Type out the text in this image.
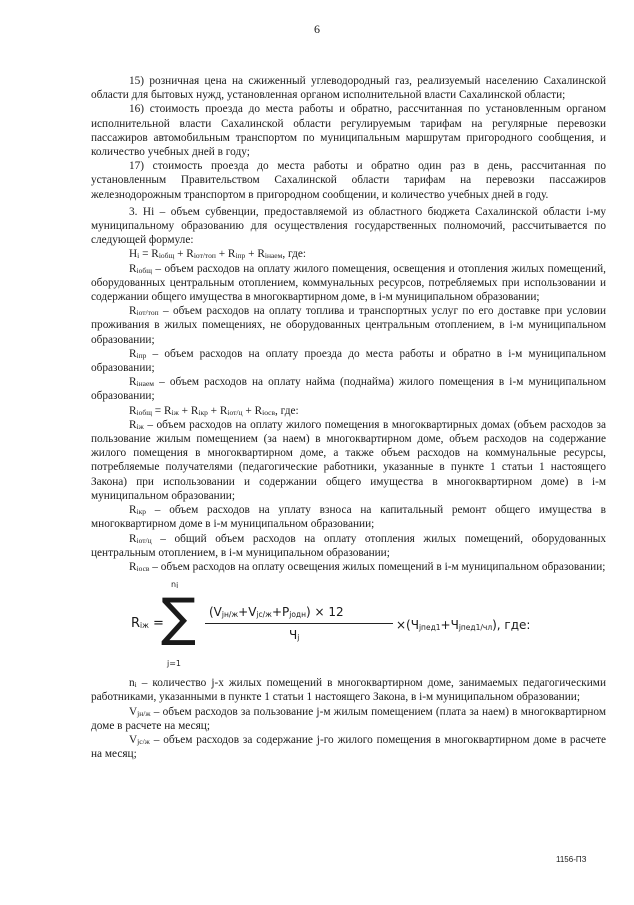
6

15) розничная цена на сжиженный углеводородный газ, реализуемый населению Сахалинской области для бытовых нужд, установленная органом исполнительной власти Сахалинской области;

16) стоимость проезда до места работы и обратно, рассчитанная по установленным органом исполнительной власти Сахалинской области регулируемым тарифам на регулярные перевозки пассажиров автомобильным транспортом по муниципальным маршрутам пригородного сообщения, и количество учебных дней в году;

17) стоимость проезда до места работы и обратно один раз в день, рассчитанная по установленным Правительством Сахалинской области тарифам на перевозки пассажиров железнодорожным транспортом в пригородном сообщении, и количество учебных дней в году.

3. Hi – объем субвенции, предоставляемой из областного бюджета Сахалинской области i-му муниципальному образованию для осуществления государственных полномочий, рассчитывается по следующей формуле:

$H_i = R_{iобщ} + R_{iот/топ} + R_{iпр} + R_{iнаем}$, где:

$R_{iобщ}$ – объем расходов на оплату жилого помещения, освещения и отопления жилых помещений, оборудованных центральным отоплением, коммунальных ресурсов, потребляемых при использовании и содержании общего имущества в многоквартирном доме, в i-м муниципальном образовании;

$R_{iот/топ}$ – объем расходов на оплату топлива и транспортных услуг по его доставке при условии проживания в жилых помещениях, не оборудованных центральным отоплением, в i-м муниципальном образовании;

$R_{iпр}$ – объем расходов на оплату проезда до места работы и обратно в i-м муниципальном образовании;

$R_{iнаем}$ – объем расходов на оплату найма (поднайма) жилого помещения в i-м муниципальном образовании;

$R_{iобщ} = R_{iж} + R_{iкр} + R_{iот/ц} + R_{iосв}$, где:

$R_{iж}$ – объем расходов на оплату жилого помещения в многоквартирных домах (объем расходов за пользование жилым помещением (за наем) в многоквартирном доме, объем расходов на содержание жилого помещения в многоквартирном доме, а также объем расходов на коммунальные ресурсы, потребляемые получателями (педагогические работники, указанные в пункте 1 статьи 1 настоящего Закона) при использовании и содержании общего имущества в многоквартирном доме) в i-м муниципальном образовании;

$R_{iкр}$ – объем расходов на уплату взноса на капитальный ремонт общего имущества в многоквартирном доме в i-м муниципальном образовании;

$R_{iот/ц}$ – общий объем расходов на оплату отопления жилых помещений, оборудованных центральным отоплением, в i-м муниципальном образовании;

$R_{iосв}$ – объем расходов на оплату освещения жилых помещений в i-м муниципальном образовании;

$R_{iж}$ =
$n_i$
∑
j=1
$(V_{jн/ж}+V_{jc/ж}+P_{jодн}) \times 12$
$Ч_j$
$\times(Ч_{jпед1}+Ч_{jпед1/чл})$, где:

$n_i$ – количество j-х жилых помещений в многоквартирном доме, занимаемых педагогическими работниками, указанными в пункте 1 статьи 1 настоящего Закона, в i-м муниципальном образовании;

$V_{jн/ж}$ – объем расходов за пользование j-м жилым помещением (плата за наем) в многоквартирном доме в расчете на месяц;

$V_{jc/ж}$ – объем расходов за содержание j-го жилого помещения в многоквартирном доме в расчете на месяц;

1156-ПЗ
